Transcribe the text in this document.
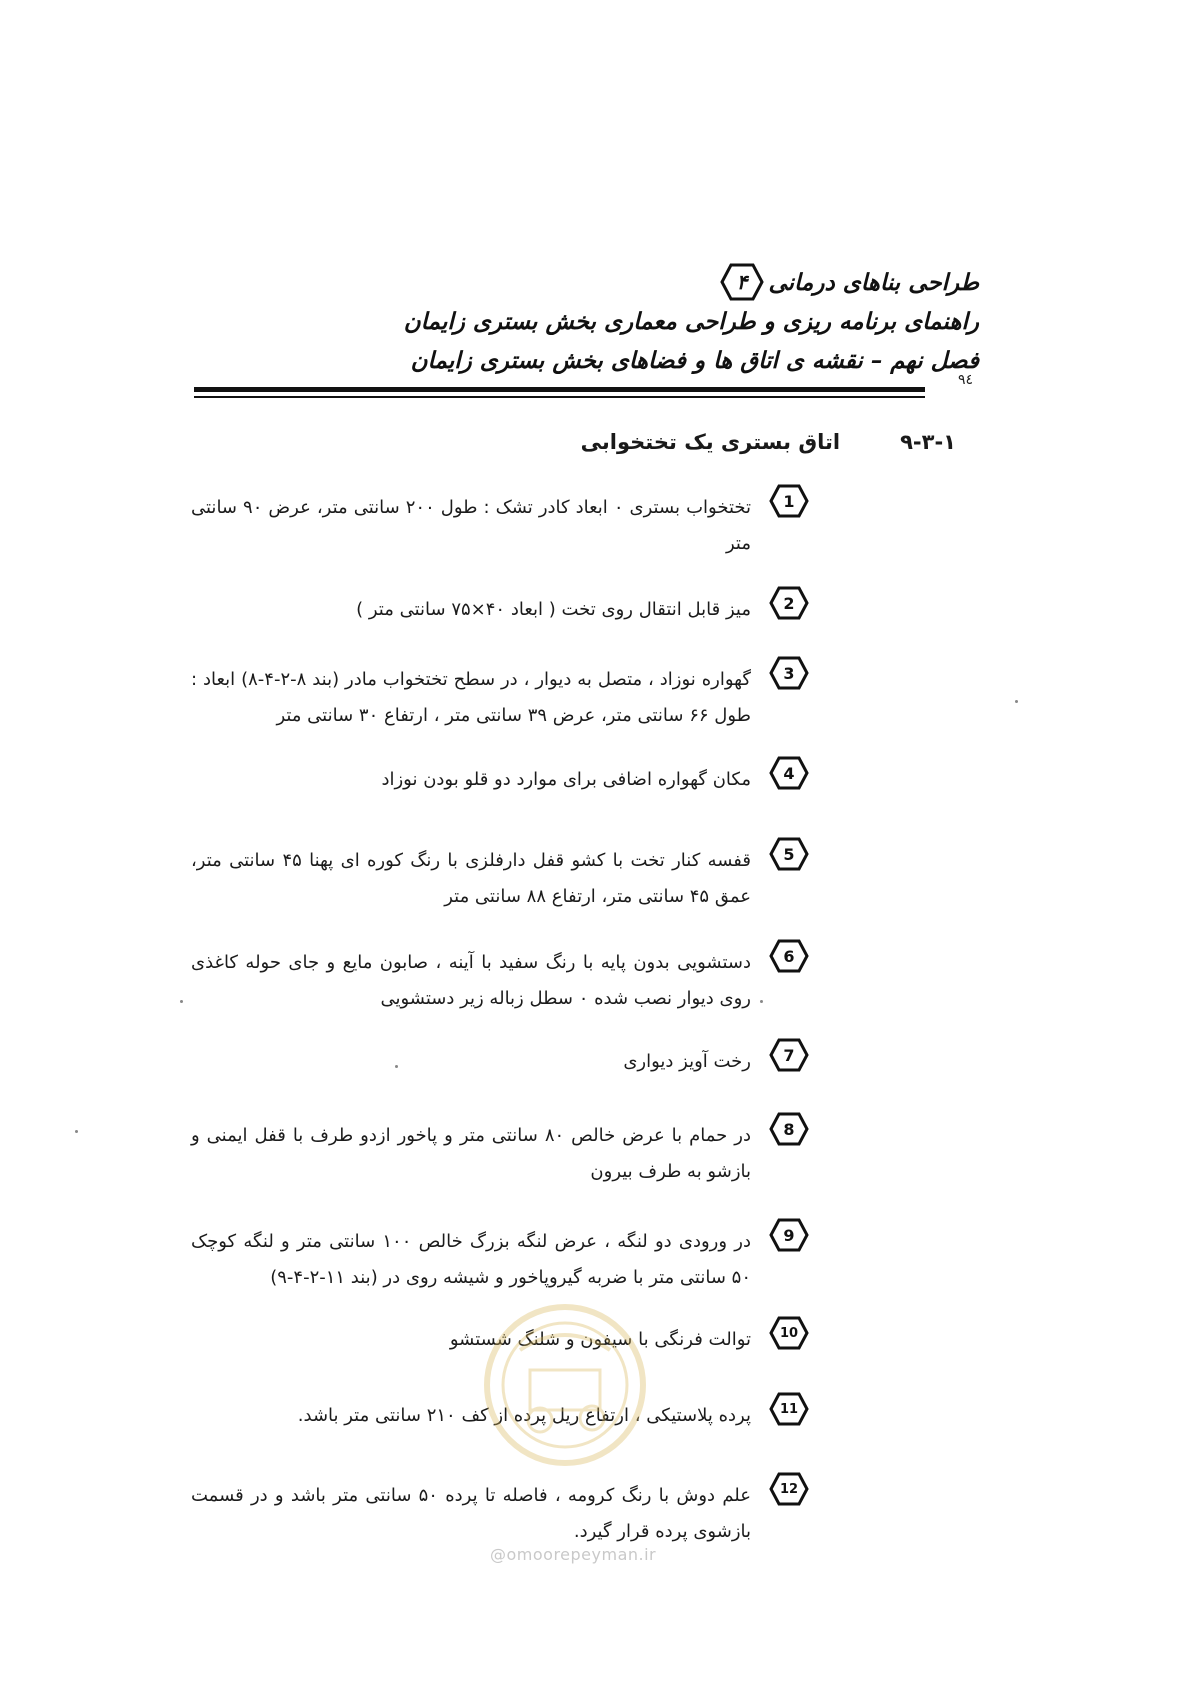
طراحی بناهای درمانی
۴
راهنمای برنامه ریزی و طراحی معماری بخش بستری زایمان
فصل نهم – نقشه ی اتاق ها و فضاهای بخش بستری زایمان
۹٤
۹-۳-۱
اتاق بستری یک تختخوابی
1
تختخواب بستری ۰ ابعاد کادر تشک : طول ۲۰۰ سانتی متر، عرض ۹۰ سانتی متر
2
میز قابل انتقال روی تخت ( ابعاد ۴۰×۷۵ سانتی متر )
3
گهواره نوزاد ، متصل به دیوار ، در سطح تختخواب مادر (بند ۸-۲-۴-۸) ابعاد : طول ۶۶ سانتی متر، عرض ۳۹ سانتی متر ، ارتفاع ۳۰ سانتی متر
4
مکان گهواره اضافی برای موارد دو قلو بودن نوزاد
5
قفسه کنار تخت با کشو قفل دارفلزی با رنگ کوره ای پهنا ۴۵ سانتی متر، عمق ۴۵ سانتی متر، ارتفاع ۸۸ سانتی متر
6
دستشویی بدون پایه با رنگ سفید با آینه ، صابون مایع و جای حوله کاغذی روی دیوار نصب شده ۰ سطل زباله زیر دستشویی
7
رخت آویز دیواری
8
در حمام با عرض خالص ۸۰ سانتی متر و پاخور ازدو طرف با قفل ایمنی و بازشو به طرف بیرون
9
در ورودی دو لنگه ، عرض لنگه بزرگ خالص ۱۰۰ سانتی متر و لنگه کوچک ۵۰ سانتی متر با ضربه گیروپاخور و شیشه روی در (بند ۱۱-۲-۴-۹)
10
توالت فرنگی با سیفون و شلنگ شستشو
11
پرده پلاستیکی ، ارتفاع ریل پرده از کف ۲۱۰ سانتی متر باشد.
12
علم دوش با رنگ کرومه ، فاصله تا پرده ۵۰ سانتی متر باشد و در قسمت بازشوی پرده قرار گیرد.
@omoorepeyman.ir
